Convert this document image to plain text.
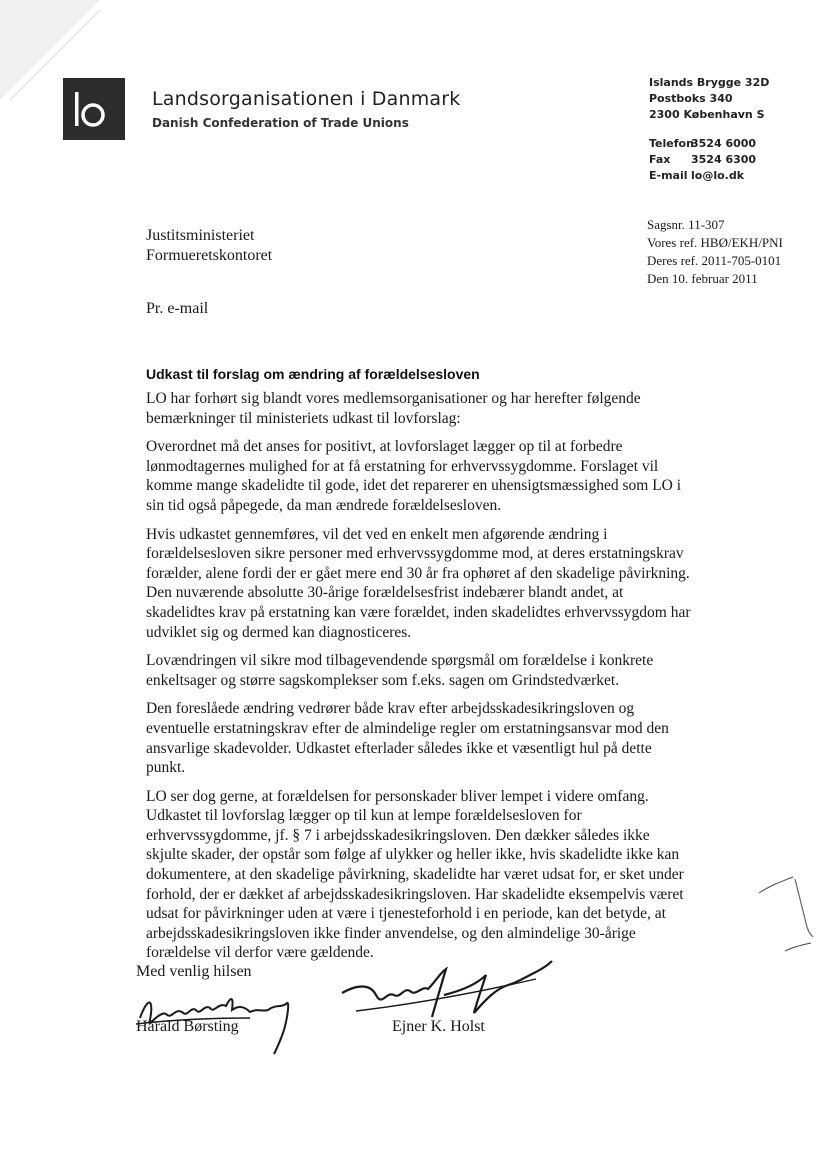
Landsorganisationen i Danmark
Danish Confederation of Trade Unions
Islands Brygge 32D
Postboks 340
2300 København S
Telefon
3524 6000
Fax	3524 6300
E-mail lo@lo.dk
Justitsministeriet
Formueretskontoret
Sagsnr. 11-307
Vores ref. HBØ/EKH/PNI
Deres ref. 2011-705-0101
Den 10. februar 2011
Pr. e-mail
Udkast til forslag om ændring af forældelsesloven

LO har forhørt sig blandt vores medlemsorganisationer og har herefter følgende bemærkninger til ministeriets udkast til lovforslag:

Overordnet må det anses for positivt, at lovforslaget lægger op til at forbedre lønmodtagernes mulighed for at få erstatning for erhvervssygdomme. Forslaget vil komme mange skadelidte til gode, idet det reparerer en uhensigtsmæssighed som LO i sin tid også påpegede, da man ændrede forældelsesloven.

Hvis udkastet gennemføres, vil det ved en enkelt men afgørende ændring i forældelsesloven sikre personer med erhvervssygdomme mod, at deres erstatningskrav forælder, alene fordi der er gået mere end 30 år fra ophøret af den skadelige påvirkning. Den nuværende absolutte 30-årige forældelsesfrist indebærer blandt andet, at skadelidtes krav på erstatning kan være forældet, inden skadelidtes erhvervssygdom har udviklet sig og dermed kan diagnosticeres.

Lovændringen vil sikre mod tilbagevendende spørgsmål om forældelse i konkrete enkeltsager og større sagskomplekser som f.eks. sagen om Grindstedværket.

Den foreslåede ændring vedrører både krav efter arbejdsskadesikringsloven og eventuelle erstatningskrav efter de almindelige regler om erstatningsansvar mod den ansvarlige skadevolder. Udkastet efterlader således ikke et væsentligt hul på dette punkt.

LO ser dog gerne, at forældelsen for personskader bliver lempet i videre omfang. Udkastet til lovforslag lægger op til kun at lempe forældelsesloven for erhvervssygdomme, jf. § 7 i arbejdsskadesikringsloven. Den dækker således ikke skjulte skader, der opstår som følge af ulykker og heller ikke, hvis skadelidte ikke kan dokumentere, at den skadelige påvirkning, skadelidte har været udsat for, er sket under forhold, der er dækket af arbejdsskadesikringsloven. Har skadelidte eksempelvis været udsat for påvirkninger uden at være i tjenesteforhold i en periode, kan det betyde, at arbejdsskadesikringsloven ikke finder anvendelse, og den almindelige 30-årige forældelse vil derfor være gældende.

Med venlig hilsen
Harald Børsting	Ejner K. Holst
